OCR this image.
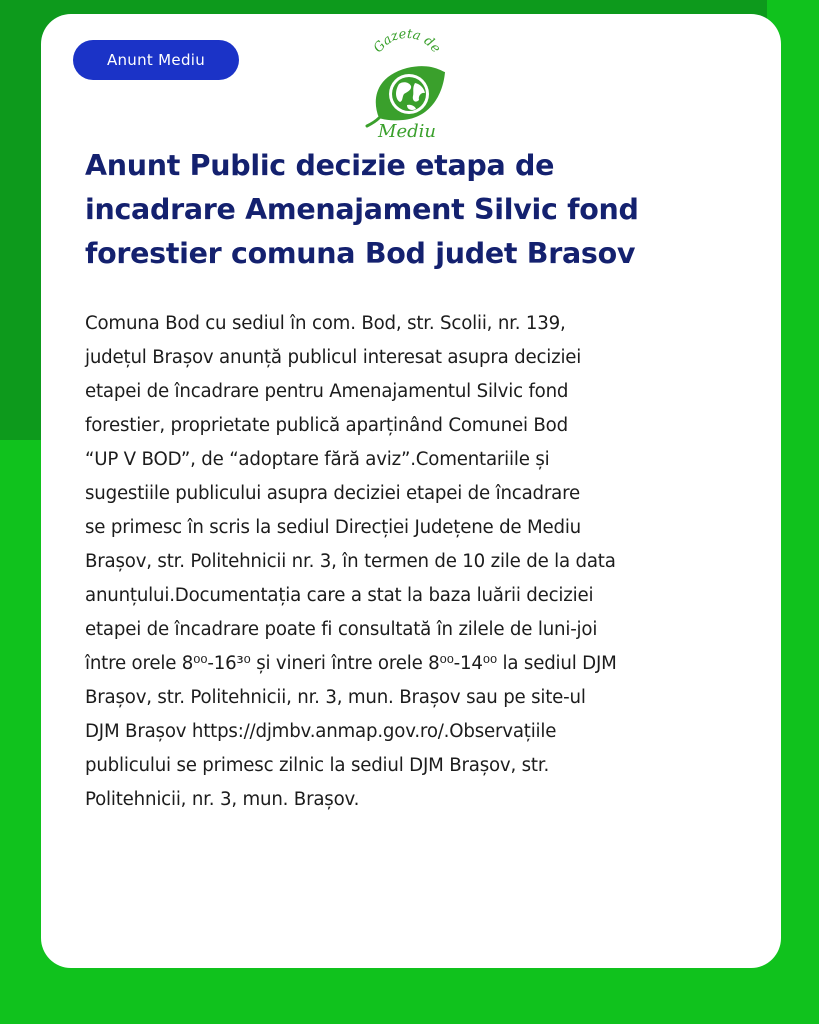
Anunt Mediu
Gazeta de
Mediu
Anunt Public decizie etapa de
incadrare Amenajament Silvic fond
forestier comuna Bod judet Brasov

Comuna Bod cu sediul în com. Bod, str. Scolii, nr. 139,
județul Brașov anunță publicul interesat asupra deciziei
etapei de încadrare pentru Amenajamentul Silvic fond
forestier, proprietate publică aparținând Comunei Bod
“UP V BOD”, de “adoptare fără aviz”.Comentariile și
sugestiile publicului asupra deciziei etapei de încadrare
se primesc în scris la sediul Direcției Județene de Mediu
Brașov, str. Politehnicii nr. 3, în termen de 10 zile de la data
anunțului.Documentația care a stat la baza luării deciziei
etapei de încadrare poate fi consultată în zilele de luni-joi
între orele 8⁰⁰-16³⁰ și vineri între orele 8⁰⁰-14⁰⁰ la sediul DJM
Brașov, str. Politehnicii, nr. 3, mun. Brașov sau pe site-ul
DJM Brașov https://djmbv.anmap.gov.ro/.Observațiile
publicului se primesc zilnic la sediul DJM Brașov, str.
Politehnicii, nr. 3, mun. Brașov.
